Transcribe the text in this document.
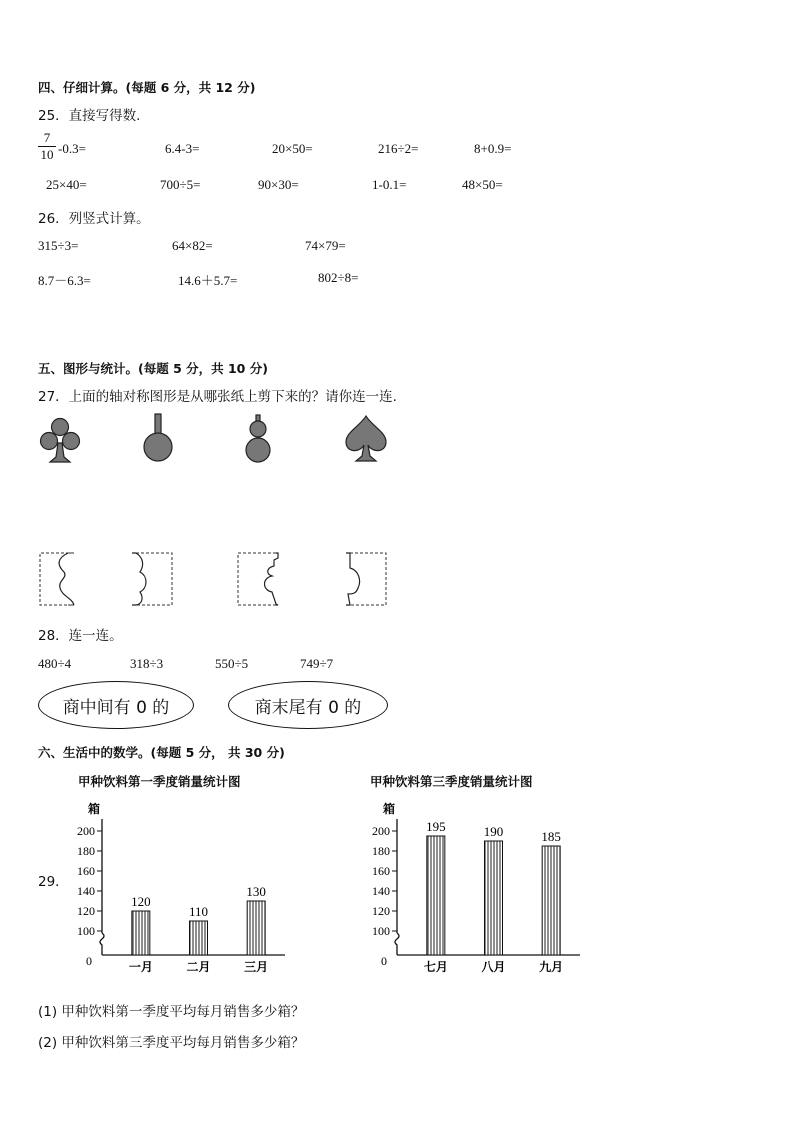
四、仔细计算。(每题 6 分，共 12 分)
25．直接写得数.
$\frac{7}{10} -0.3=$	6.4-3=	20×50=	216÷2=	8+0.9=
25×40=	700÷5=	90×30=	1-0.1=	48×50=
26．列竖式计算。
315÷3=	64×82=	74×79=
8.7－6.3=	14.6＋5.7=	802÷8=
五、图形与统计。(每题 5 分，共 10 分)
27．上面的轴对称图形是从哪张纸上剪下来的？请你连一连.
28．连一连。
480÷4	318÷3	550÷5	749÷7
商中间有 0 的	商末尾有 0 的
六、生活中的数学。(每题 5 分， 共 30 分)
甲种饮料第一季度销量统计图	甲种饮料第三季度销量统计图
29．
箱
0
100
120
140
160
180
200
120
一月
110
二月
130
三月
箱
0
100
120
140
160
180
200	195
七月
190
八月
185
九月
(1) 甲种饮料第一季度平均每月销售多少箱？
(2) 甲种饮料第三季度平均每月销售多少箱？
